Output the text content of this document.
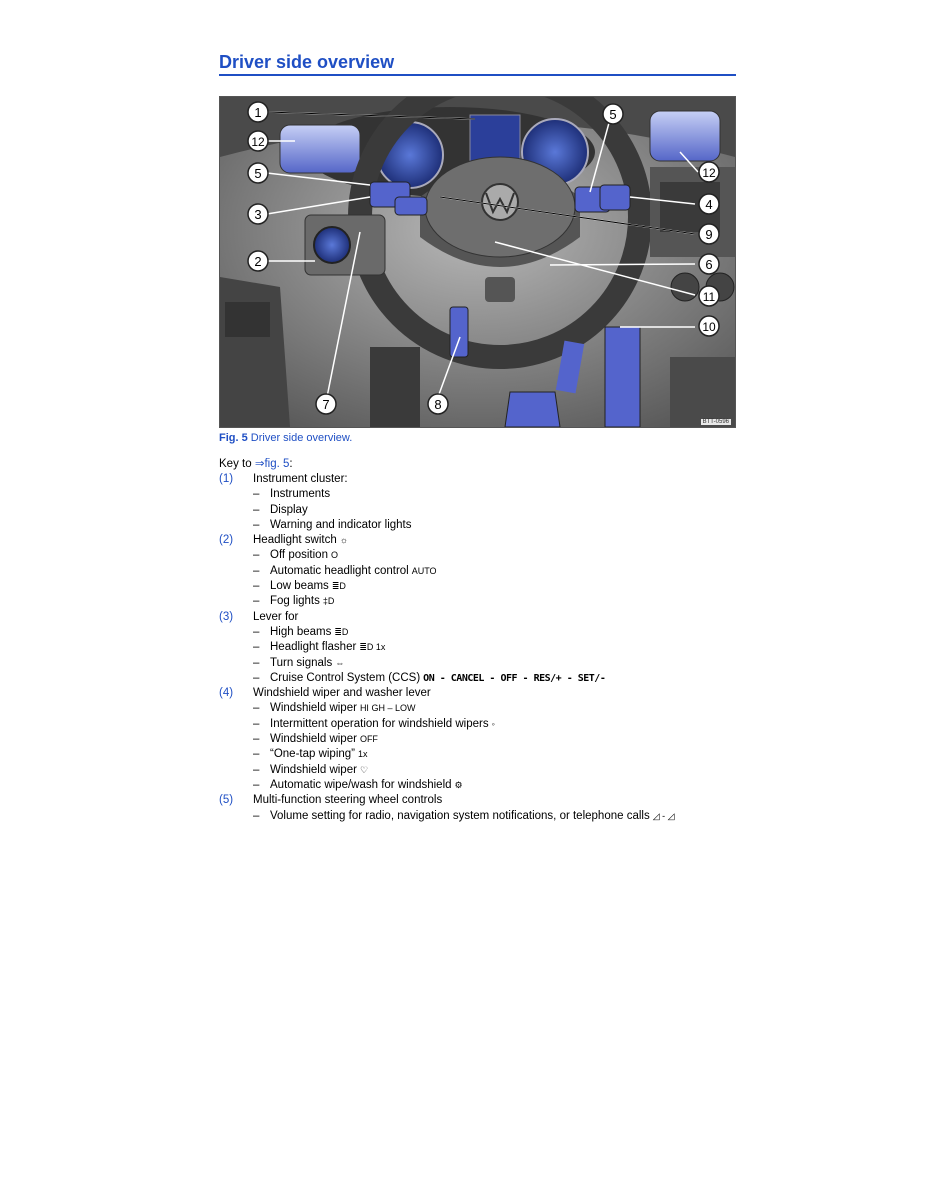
Driver side overview
1
12
5
3
2
7	8
5
12
4
9
6
11
10
BTT-0596
Fig. 5 Driver side overview.
Key to ⇒fig. 5:
(1)	Instrument cluster:
– Instruments
– Display
– Warning and indicator lights
(2)	Headlight switch ☼
– Off position O
– Automatic headlight control AUTO
– Low beams ≣D
– Fog lights ‡D
(3)	Lever for
– High beams ≣D
– Headlight flasher ≣D 1x
– Turn signals ⇔
– Cruise Control System (CCS) ON - CANCEL - OFF - RES/+ - SET/-
(4)	Windshield wiper and washer lever
– Windshield wiper HI GH – LOW
– Intermittent operation for windshield wipers ◦
– Windshield wiper OFF
– “One-tap wiping” 1x
– Windshield wiper ♡
– Automatic wipe/wash for windshield ⚙
(5)	Multi-function steering wheel controls
– Volume setting for radio, navigation system notifications, or telephone calls ◿ - ◿
